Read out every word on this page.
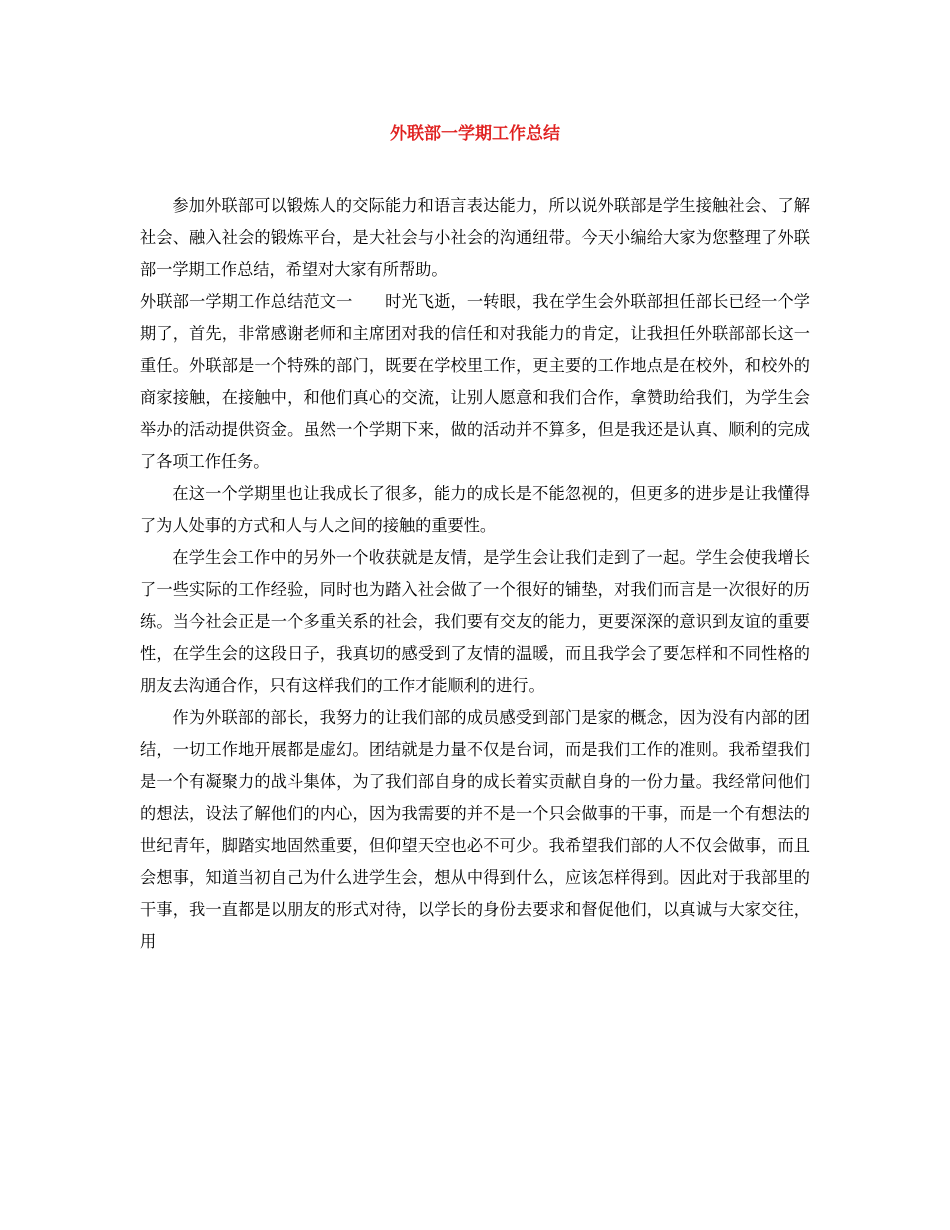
外联部一学期工作总结

参加外联部可以锻炼人的交际能力和语言表达能力，所以说外联部是学生接触社会、了解社会、融入社会的锻炼平台，是大社会与小社会的沟通纽带。今天小编给大家为您整理了外联部一学期工作总结，希望对大家有所帮助。

外联部一学期工作总结范文一　　时光飞逝，一转眼，我在学生会外联部担任部长已经一个学期了，首先，非常感谢老师和主席团对我的信任和对我能力的肯定，让我担任外联部部长这一重任。外联部是一个特殊的部门，既要在学校里工作，更主要的工作地点是在校外，和校外的商家接触，在接触中，和他们真心的交流，让别人愿意和我们合作，拿赞助给我们，为学生会举办的活动提供资金。虽然一个学期下来，做的活动并不算多，但是我还是认真、顺利的完成了各项工作任务。

在这一个学期里也让我成长了很多，能力的成长是不能忽视的，但更多的进步是让我懂得了为人处事的方式和人与人之间的接触的重要性。

在学生会工作中的另外一个收获就是友情，是学生会让我们走到了一起。学生会使我增长了一些实际的工作经验，同时也为踏入社会做了一个很好的铺垫，对我们而言是一次很好的历练。当今社会正是一个多重关系的社会，我们要有交友的能力，更要深深的意识到友谊的重要性，在学生会的这段日子，我真切的感受到了友情的温暖，而且我学会了要怎样和不同性格的朋友去沟通合作，只有这样我们的工作才能顺利的进行。

作为外联部的部长，我努力的让我们部的成员感受到部门是家的概念，因为没有内部的团结，一切工作地开展都是虚幻。团结就是力量不仅是台词，而是我们工作的准则。我希望我们是一个有凝聚力的战斗集体，为了我们部自身的成长着实贡献自身的一份力量。我经常问他们的想法，设法了解他们的内心，因为我需要的并不是一个只会做事的干事，而是一个有想法的世纪青年，脚踏实地固然重要，但仰望天空也必不可少。我希望我们部的人不仅会做事，而且会想事，知道当初自己为什么进学生会，想从中得到什么，应该怎样得到。因此对于我部里的干事，我一直都是以朋友的形式对待，以学长的身份去要求和督促他们，以真诚与大家交往，用
